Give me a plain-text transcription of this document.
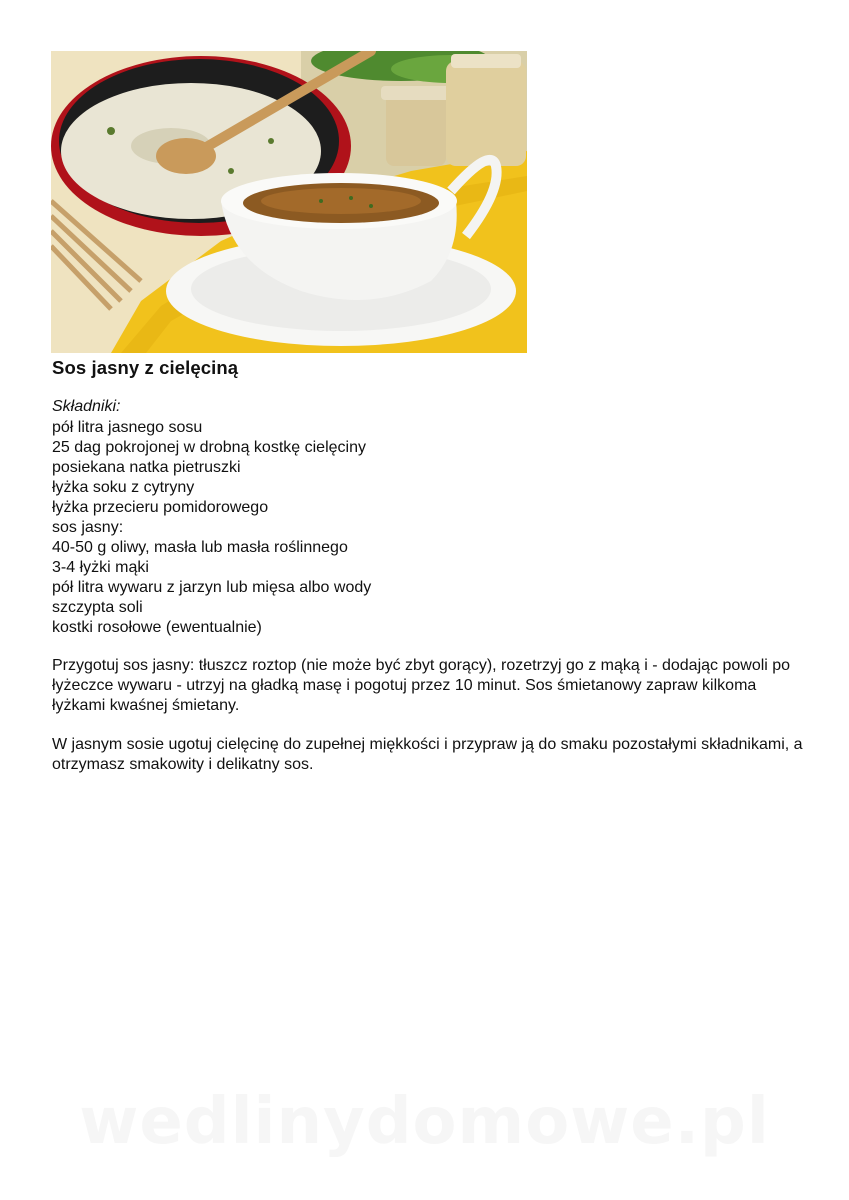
Sos jasny z cielęciną
Składniki:
pół litra jasnego sosu
25 dag pokrojonej w drobną kostkę cielęciny
posiekana natka pietruszki
łyżka soku z cytryny
łyżka przecieru pomidorowego
sos jasny:
40-50 g oliwy, masła lub masła roślinnego
3-4 łyżki mąki
pół litra wywaru z jarzyn lub mięsa albo wody
szczypta soli
kostki rosołowe (ewentualnie)

Przygotuj sos jasny: tłuszcz roztop (nie może być zbyt gorący), rozetrzyj go z mąką i - dodając powoli po łyżeczce wywaru - utrzyj na gładką masę i pogotuj przez 10 minut. Sos śmietanowy zapraw kilkoma łyżkami kwaśnej śmietany.

W jasnym sosie ugotuj cielęcinę do zupełnej miękkości i przypraw ją do smaku pozostałymi składnikami, a otrzymasz smakowity i delikatny sos.

wedlinydomowe.pl
